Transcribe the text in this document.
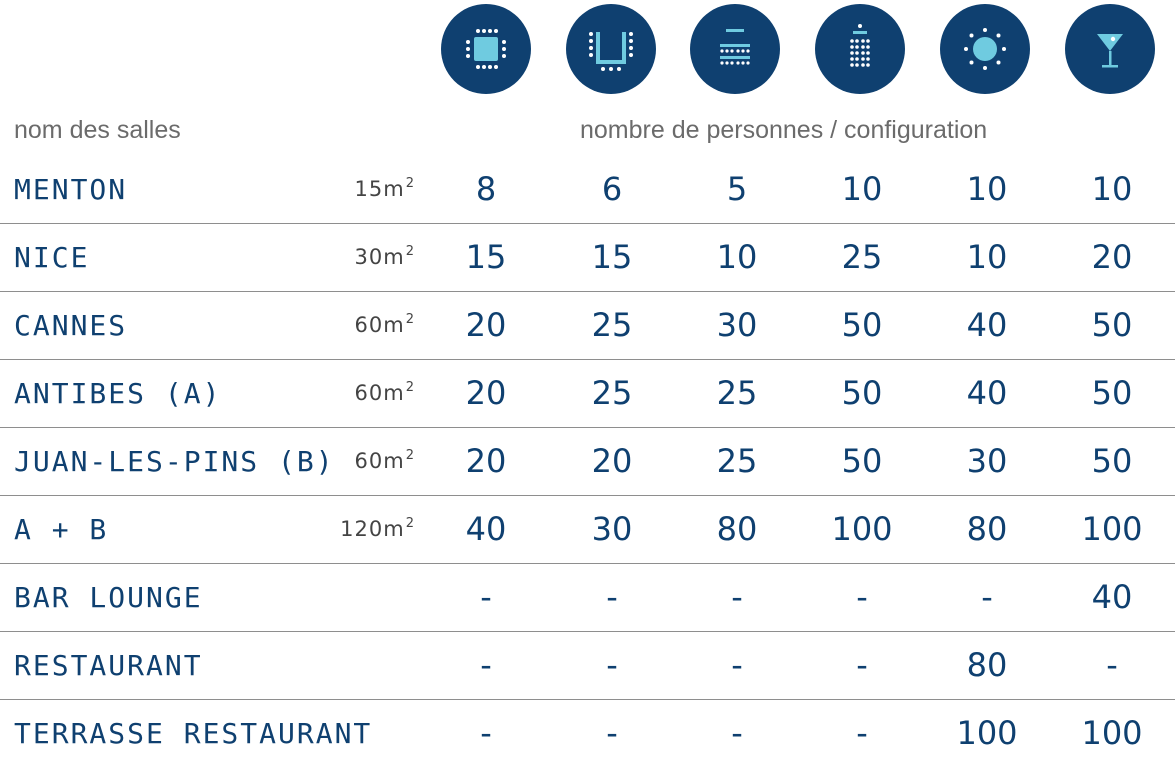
nom des salles	nombre de personnes / configuration
MENTON	$15m^2$	8	6	5	10	10	10
NICE	$30m^2$	15	15	10	25	10	20
CANNES	$60m^2$	20	25	30	50	40	50
ANTIBES (A)	$60m^2$	20	25	25	50	40	50
JUAN-LES-PINS (B) $60m^2$	20	20	25	50	30	50
A + B	$120m^2$	40	30	80	100	80	100
BAR LOUNGE	-	-	-	-	-	40
RESTAURANT	-	-	-	-	80	-
TERRASSE RESTAURANT	-	-	-	-	100	100
